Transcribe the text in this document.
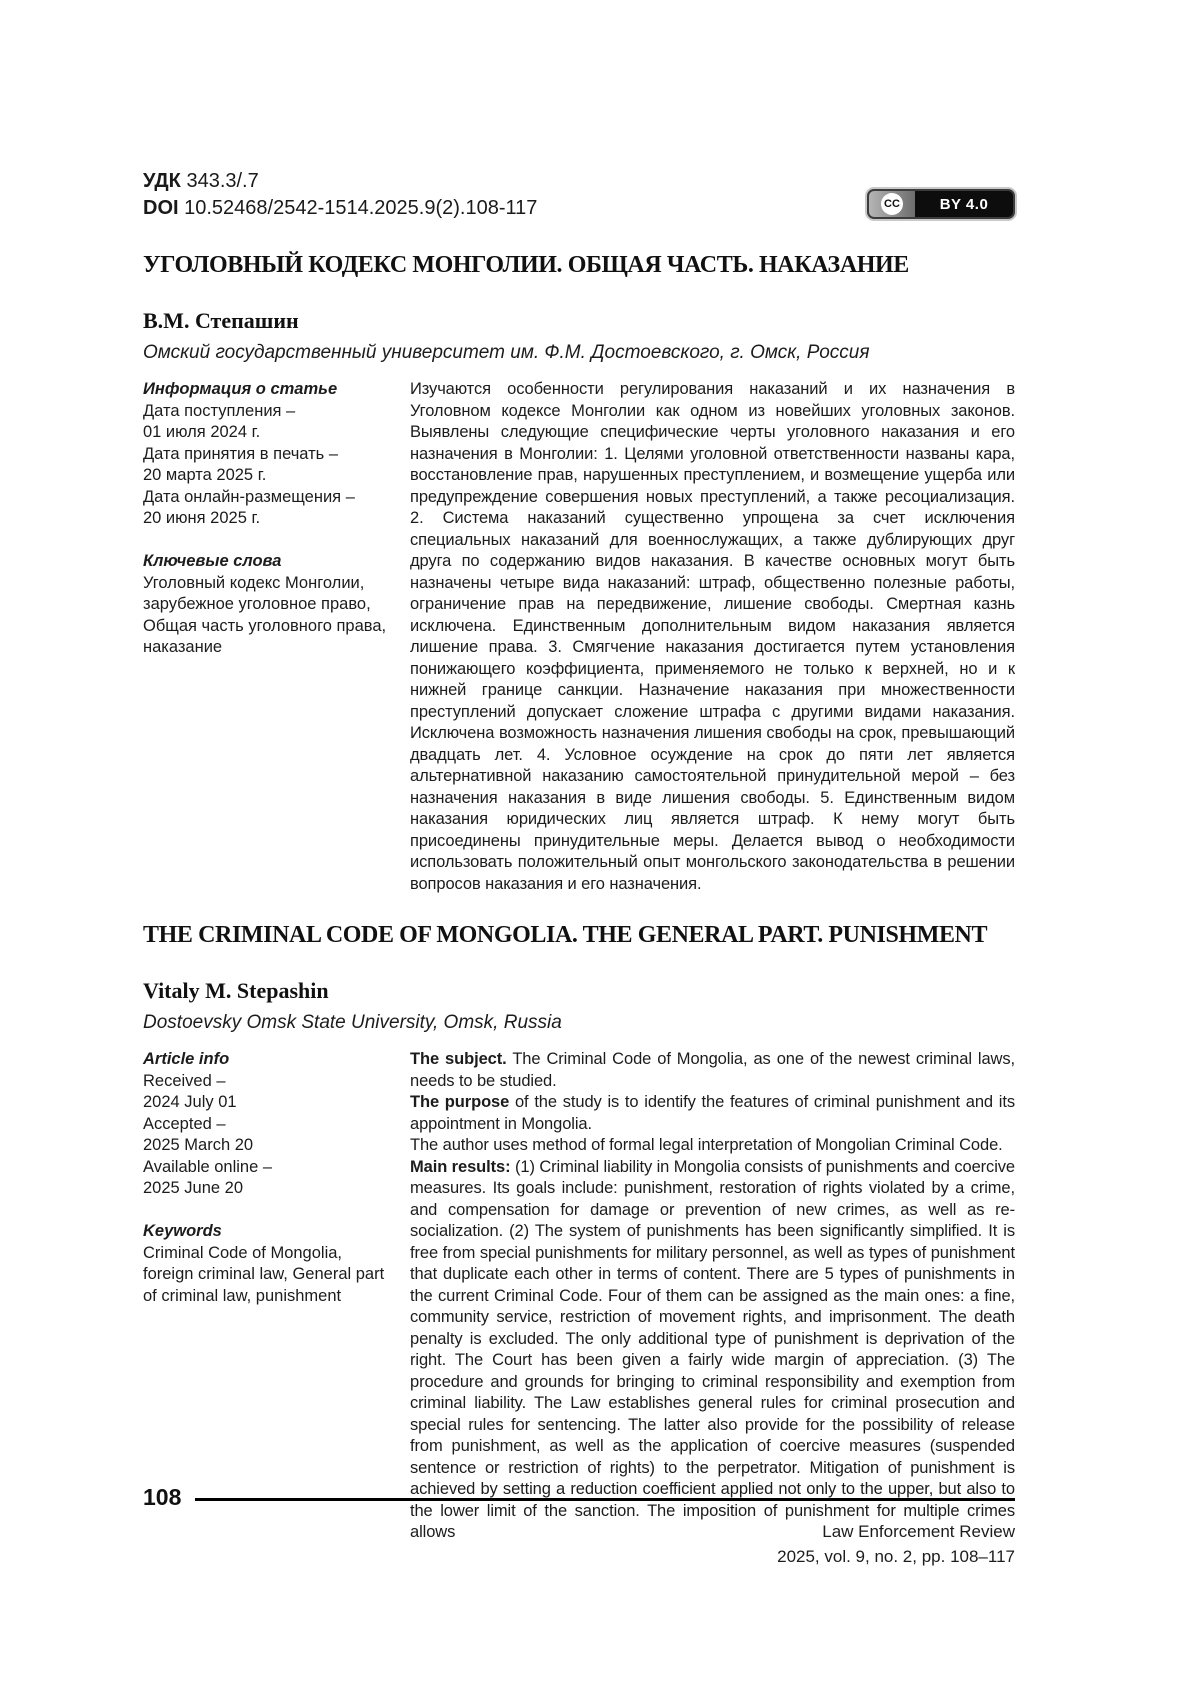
CC	BY 4.0
УДК 343.3/.7
DOI 10.52468/2542-1514.2025.9(2).108-117
УГОЛОВНЫЙ КОДЕКС МОНГОЛИИ. ОБЩАЯ ЧАСТЬ. НАКАЗАНИЕ
В.М. Степашин
Омский государственный университет им. Ф.М. Достоевского, г. Омск, Россия
Информация о статье
Дата поступления –
01 июля 2024 г.
Дата принятия в печать –
20 марта 2025 г.
Дата онлайн-размещения –
20 июня 2025 г.
Ключевые слова
Уголовный кодекс Монголии, зарубежное уголовное право, Общая часть уголовного права, наказание

Изучаются особенности регулирования наказаний и их назначения в Уголовном кодексе Монголии как одном из новейших уголовных законов. Выявлены следующие специфические черты уголовного наказания и его назначения в Монголии: 1. Целями уголовной ответственности названы кара, восстановление прав, нарушенных преступлением, и возмещение ущерба или предупреждение совершения новых преступлений, а также ресоциализация. 2. Система наказаний существенно упрощена за счет исключения специальных наказаний для военнослужащих, а также дублирующих друг друга по содержанию видов наказания. В качестве основных могут быть назначены четыре вида наказаний: штраф, общественно полезные работы, ограничение прав на передвижение, лишение свободы. Смертная казнь исключена. Единственным дополнительным видом наказания является лишение права. 3. Смягчение наказания достигается путем установления понижающего коэффициента, применяемого не только к верхней, но и к нижней границе санкции. Назначение наказания при множественности преступлений допускает сложение штрафа с другими видами наказания. Исключена возможность назначения лишения свободы на срок, превышающий двадцать лет. 4. Условное осуждение на срок до пяти лет является альтернативной наказанию самостоятельной принудительной мерой – без назначения наказания в виде лишения свободы. 5. Единственным видом наказания юридических лиц является штраф. К нему могут быть присоединены принудительные меры. Делается вывод о необходимости использовать положительный опыт монгольского законодательства в решении вопросов наказания и его назначения.

THE CRIMINAL CODE OF MONGOLIA. THE GENERAL PART. PUNISHMENT
Vitaly M. Stepashin
Dostoevsky Omsk State University, Omsk, Russia
Article info
Received –
2024 July 01
Accepted –
2025 March 20
Available online –
2025 June 20
Keywords
Criminal Code of Mongolia, foreign criminal law, General part of criminal law, punishment

The subject. The Criminal Code of Mongolia, as one of the newest criminal laws, needs to be studied.

The purpose of the study is to identify the features of criminal punishment and its appointment in Mongolia.

The author uses method of formal legal interpretation of Mongolian Criminal Code.

Main results: (1) Criminal liability in Mongolia consists of punishments and coercive measures. Its goals include: punishment, restoration of rights violated by a crime, and compensation for damage or prevention of new crimes, as well as re-socialization. (2) The system of punishments has been significantly simplified. It is free from special punishments for military personnel, as well as types of punishment that duplicate each other in terms of content. There are 5 types of punishments in the current Criminal Code. Four of them can be assigned as the main ones: a fine, community service, restriction of movement rights, and imprisonment. The death penalty is excluded. The only additional type of punishment is deprivation of the right. The Court has been given a fairly wide margin of appreciation. (3) The procedure and grounds for bringing to criminal responsibility and exemption from criminal liability. The Law establishes general rules for criminal prosecution and special rules for sentencing. The latter also provide for the possibility of release from punishment, as well as the application of coercive measures (suspended sentence or restriction of rights) to the perpetrator. Mitigation of punishment is achieved by setting a reduction coefficient applied not only to the upper, but also to the lower limit of the sanction. The imposition of punishment for multiple crimes allows

108
Law Enforcement Review
2025, vol. 9, no. 2, pp. 108–117
